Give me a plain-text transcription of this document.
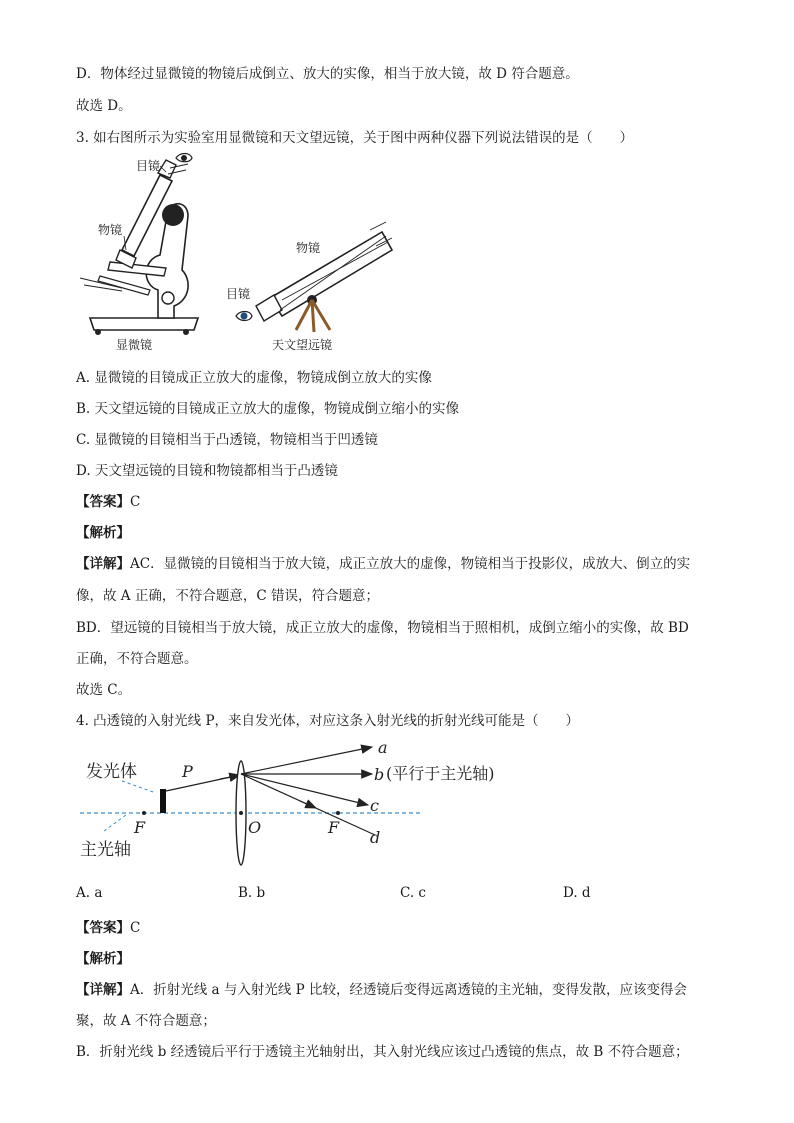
D．物体经过显微镜的物镜后成倒立、放大的实像，相当于放大镜，故 D 符合题意。
故选 D。
3. 如右图所示为实验室用显微镜和天文望远镜，关于图中两种仪器下列说法错误的是（　　）
目镜
物镜
显微镜
物镜
目镜
天文望远镜
A. 显微镜的目镜成正立放大的虚像，物镜成倒立放大的实像
B. 天文望远镜的目镜成正立放大的虚像，物镜成倒立缩小的实像
C. 显微镜的目镜相当于凸透镜，物镜相当于凹透镜
D. 天文望远镜的目镜和物镜都相当于凸透镜
【答案】C
【解析】
【详解】AC．显微镜的目镜相当于放大镜，成正立放大的虚像，物镜相当于投影仪，成放大、倒立的实
像，故 A 正确，不符合题意，C 错误，符合题意；
BD．望远镜的目镜相当于放大镜，成正立放大的虚像，物镜相当于照相机，成倒立缩小的实像，故 BD
正确，不符合题意。
故选 C。
4. 凸透镜的入射光线 P，来自发光体，对应这条入射光线的折射光线可能是（　　）
发光体
主光轴
P
O
F	F
a
b (平行于主光轴)
c
d
A. a	B. b	C. c	D. d
【答案】C
【解析】
【详解】A．折射光线 a 与入射光线 P 比较，经透镜后变得远离透镜的主光轴，变得发散，应该变得会
聚，故 A 不符合题意；
B．折射光线 b 经透镜后平行于透镜主光轴射出，其入射光线应该过凸透镜的焦点，故 B 不符合题意；
